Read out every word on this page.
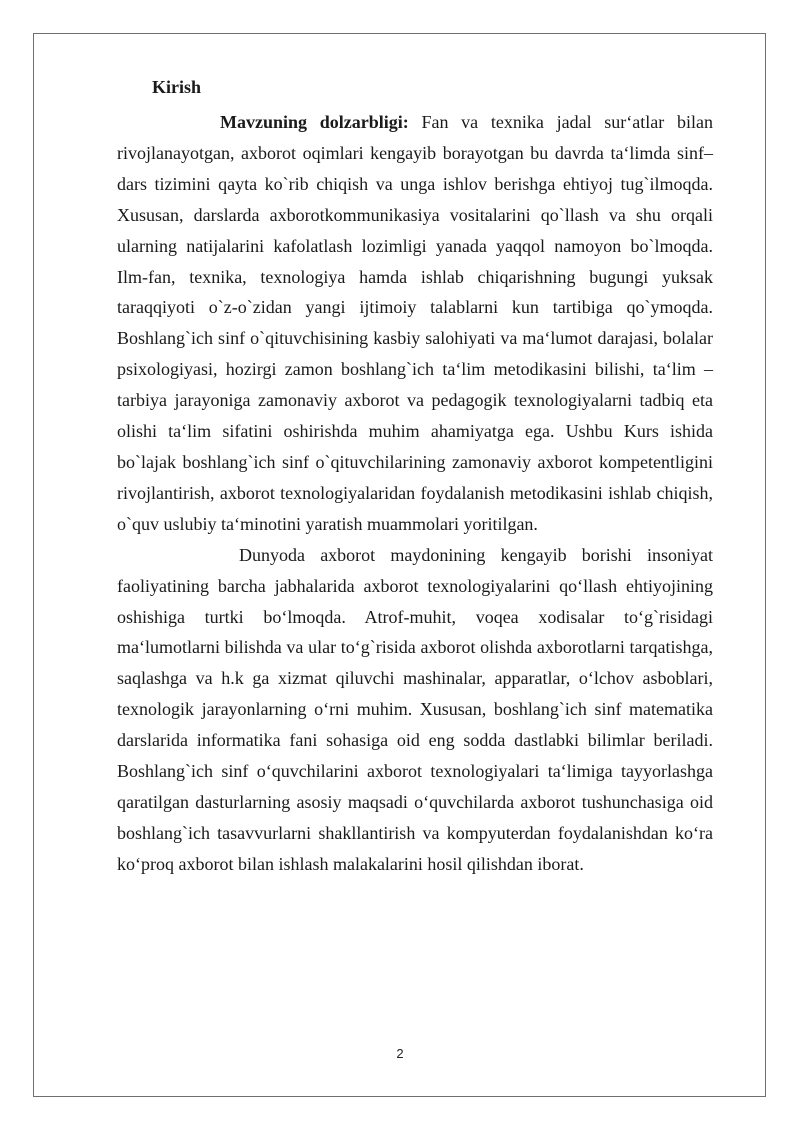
Kirish

Mavzuning dolzarbligi: Fan va texnika jadal sur‘atlar bilan rivojlanayotgan, axborot oqimlari kengayib borayotgan bu davrda ta‘limda sinf–dars tizimini qayta ko`rib chiqish va unga ishlov berishga ehtiyoj tug`ilmoqda. Xususan, darslarda axborotkommunikasiya vositalarini qo`llash va shu orqali ularning natijalarini kafolatlash lozimligi yanada yaqqol namoyon bo`lmoqda. Ilm-fan, texnika, texnologiya hamda ishlab chiqarishning bugungi yuksak taraqqiyoti o`z-o`zidan yangi ijtimoiy talablarni kun tartibiga qo`ymoqda. Boshlang`ich sinf o`qituvchisining kasbiy salohiyati va ma‘lumot darajasi, bolalar psixologiyasi, hozirgi zamon boshlang`ich ta‘lim metodikasini bilishi, ta‘lim – tarbiya jarayoniga zamonaviy axborot va pedagogik texnologiyalarni tadbiq eta olishi ta‘lim sifatini oshirishda muhim ahamiyatga ega. Ushbu Kurs ishida bo`lajak boshlang`ich sinf o`qituvchilarining zamonaviy axborot kompetentligini rivojlantirish, axborot texnologiyalaridan foydalanish metodikasini ishlab chiqish, o`quv uslubiy ta‘minotini yaratish muammolari yoritilgan.

Dunyoda axborot maydonining kengayib borishi insoniyat faoliyatining barcha jabhalarida axborot texnologiyalarini qo‘llash ehtiyojining oshishiga turtki bo‘lmoqda. Atrof-muhit, voqea xodisalar to‘g`risidagi ma‘lumotlarni bilishda va ular to‘g`risida axborot olishda axborotlarni tarqatishga, saqlashga va h.k ga xizmat qiluvchi mashinalar, apparatlar, o‘lchov asboblari, texnologik jarayonlarning o‘rni muhim. Xususan, boshlang`ich sinf matematika darslarida informatika fani sohasiga oid eng sodda dastlabki bilimlar beriladi. Boshlang`ich sinf o‘quvchilarini axborot texnologiyalari ta‘limiga tayyorlashga qaratilgan dasturlarning asosiy maqsadi o‘quvchilarda axborot tushunchasiga oid boshlang`ich tasavvurlarni shakllantirish va kompyuterdan foydalanishdan ko‘ra ko‘proq axborot bilan ishlash malakalarini hosil qilishdan iborat.

2
